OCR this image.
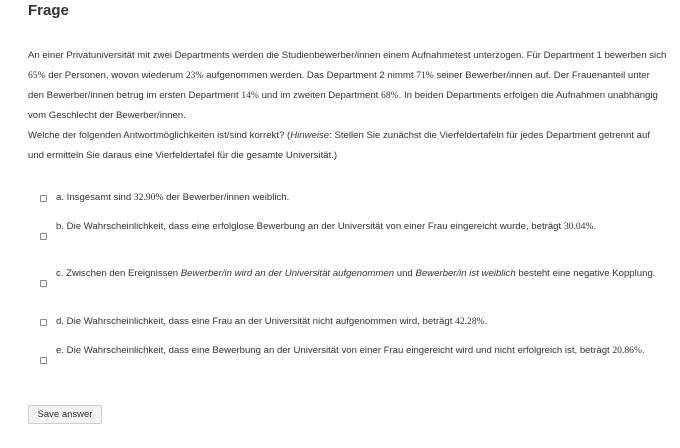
Frage

An einer Privatuniversität mit zwei Departments werden die Studienbewerber/innen einem Aufnahmetest unterzogen. Für Department 1 bewerben sich 65% der Personen, wovon wiederum 23% aufgenommen werden. Das Department 2 nimmt 71% seiner Bewerber/innen auf. Der Frauenanteil unter den Bewerber/innen betrug im ersten Department 14% und im zweiten Department 68%. In beiden Departments erfolgen die Aufnahmen unabhängig vom Geschlecht der Bewerber/innen.

Welche der folgenden Antwortmöglichkeiten ist/sind korrekt? (Hinweise: Stellen Sie zunächst die Vierfeldertafeln für jedes Department getrennt auf und ermitteln Sie daraus eine Vierfeldertafel für die gesamte Universität.)

a. Insgesamt sind 32.90% der Bewerber/innen weiblich.
b. Die Wahrscheinlichkeit, dass eine erfolglose Bewerbung an der Universität von einer Frau eingereicht wurde, beträgt 30.04%.
c. Zwischen den Ereignissen Bewerber/in wird an der Universität aufgenommen und Bewerber/in ist weiblich besteht eine negative Kopplung.
d. Die Wahrscheinlichkeit, dass eine Frau an der Universität nicht aufgenommen wird, beträgt 42.28%.
e. Die Wahrscheinlichkeit, dass eine Bewerbung an der Universität von einer Frau eingereicht wird und nicht erfolgreich ist, beträgt 20.86%.
Save answer
